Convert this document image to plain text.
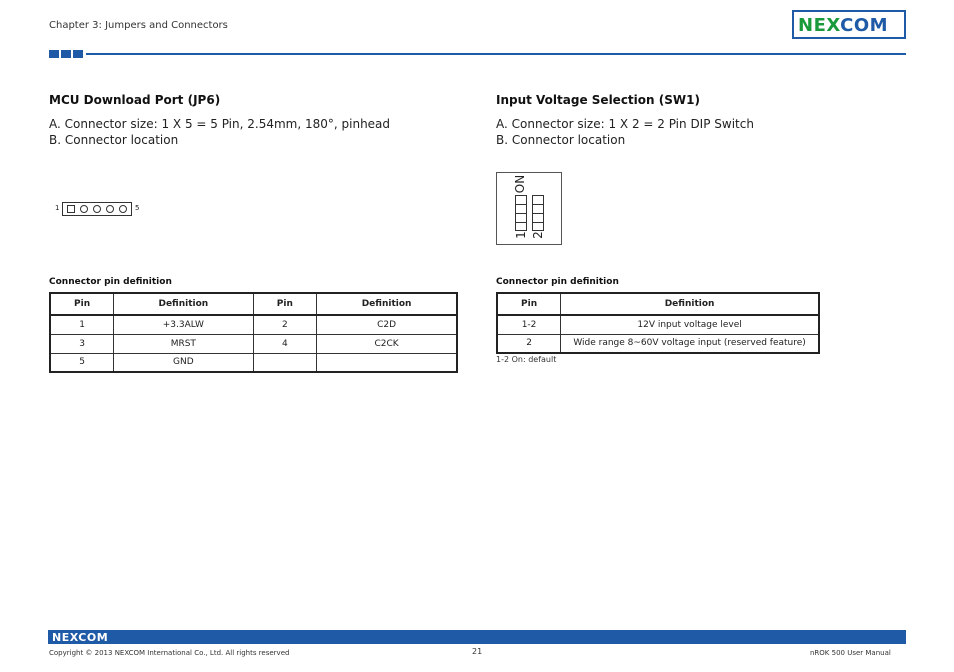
Chapter 3: Jumpers and Connectors	NEXCOM
MCU Download Port (JP6)
A. Connector size: 1 X 5 = 5 Pin, 2.54mm, 180°, pinhead
B. Connector location
1	5
Connector pin definition
Pin	Definition	Pin	Definition
1	+3.3ALW	2	C2D
3	MRST	4	C2CK
5	GND		
Input Voltage Selection (SW1)
A. Connector size: 1 X 2 = 2 Pin DIP Switch
B. Connector location
ON
1 2
Connector pin definition
Pin	Definition
1-2	12V input voltage level
2	Wide range 8~60V voltage input (reserved feature)
1-2 On: default
NEXCOM
Copyright © 2013 NEXCOM International Co., Ltd. All rights reserved	21	nROK 500 User Manual
